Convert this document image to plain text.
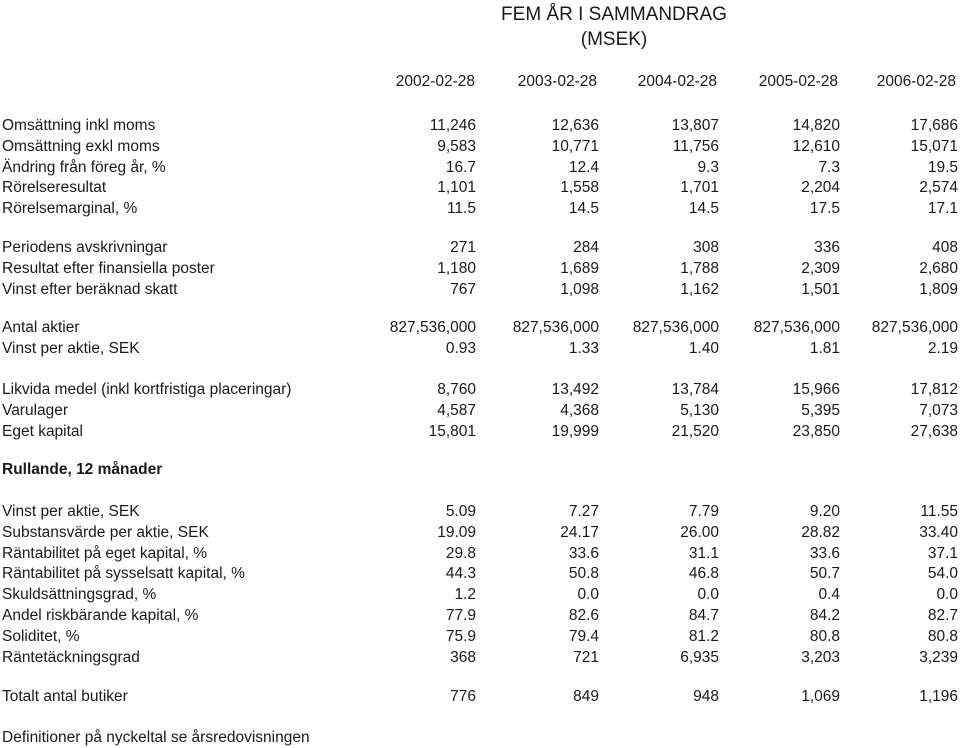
FEM ÅR I SAMMANDRAG
(MSEK)
2002-02-28	2003-02-28	2004-02-28	2005-02-28	2006-02-28
Omsättning inkl moms	11,246	12,636	13,807	14,820	17,686
Omsättning exkl moms	9,583	10,771	11,756	12,610	15,071
Ändring från föreg år, %	16.7	12.4	9.3	7.3	19.5
Rörelseresultat	1,101	1,558	1,701	2,204	2,574
Rörelsemarginal, %	11.5	14.5	14.5	17.5	17.1
Periodens avskrivningar	271	284	308	336	408
Resultat efter finansiella poster	1,180	1,689	1,788	2,309	2,680
Vinst efter beräknad skatt	767	1,098	1,162	1,501	1,809
Antal aktier	827,536,000	827,536,000	827,536,000	827,536,000	827,536,000
Vinst per aktie, SEK	0.93	1.33	1.40	1.81	2.19
Likvida medel (inkl kortfristiga placeringar)	8,760	13,492	13,784	15,966	17,812
Varulager	4,587	4,368	5,130	5,395	7,073
Eget kapital	15,801	19,999	21,520	23,850	27,638
Rullande, 12 månader
Vinst per aktie, SEK	5.09	7.27	7.79	9.20	11.55
Substansvärde per aktie, SEK	19.09	24.17	26.00	28.82	33.40
Räntabilitet på eget kapital, %	29.8	33.6	31.1	33.6	37.1
Räntabilitet på sysselsatt kapital, %	44.3	50.8	46.8	50.7	54.0
Skuldsättningsgrad, %	1.2	0.0	0.0	0.4	0.0
Andel riskbärande kapital, %	77.9	82.6	84.7	84.2	82.7
Soliditet, %	75.9	79.4	81.2	80.8	80.8
Räntetäckningsgrad	368	721	6,935	3,203	3,239
Totalt antal butiker	776	849	948	1,069	1,196
Definitioner på nyckeltal se årsredovisningen
